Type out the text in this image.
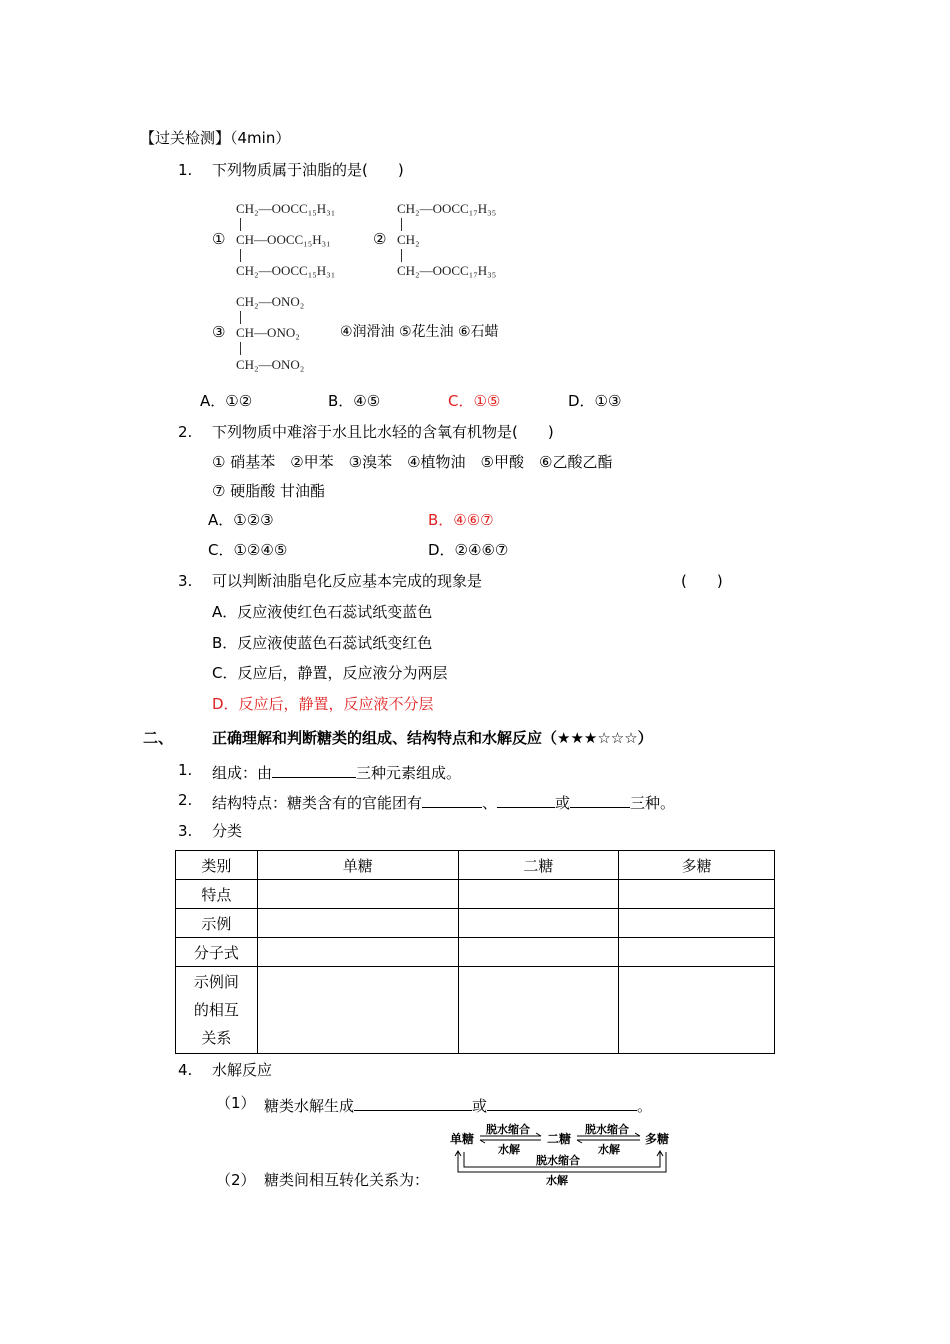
【过关检测】（4min）
1. 下列物质属于油脂的是(　　)
CH₂—OOCC₁₅H₃₁
① CH—OOCC₁₅H₃₁
CH₂—OOCC₁₅H₃₁
CH₂—OOCC₁₇H₃₅
② CH₂
CH₂—OOCC₁₇H₃₅
CH₂—ONO₂
③ CH—ONO₂
CH₂—ONO₂
④润滑油 ⑤花生油 ⑥石蜡
A．①②	B．④⑤	C．①⑤	D．①③
2. 下列物质中难溶于水且比水轻的含氧有机物是(　　)
① 硝基苯　②甲苯　③溴苯　④植物油　⑤甲酸　⑥乙酸乙酯
⑦ 硬脂酸 甘油酯
A．①②③	B．④⑥⑦
C．①②④⑤	D．②④⑥⑦
3. 可以判断油脂皂化反应基本完成的现象是	(　　)
A．反应液使红色石蕊试纸变蓝色
B．反应液使蓝色石蕊试纸变红色
C．反应后，静置，反应液分为两层
D．反应后，静置，反应液不分层
二、	正确理解和判断糖类的组成、结构特点和水解反应（★★★☆☆☆）
1. 组成：由	三种元素组成。
2. 结构特点：糖类含有的官能团有	、	或	三种。
3. 分类
类别	单糖	二糖	多糖
特点			
示例			
分子式			

示例间
的相互
关系			

4. 水解反应
（1） 糖类水解生成	或	。
（2） 糖类间相互转化关系为：
单糖	二糖	多糖
脱水缩合
水解
脱水缩合
水解
脱水缩合
水解
